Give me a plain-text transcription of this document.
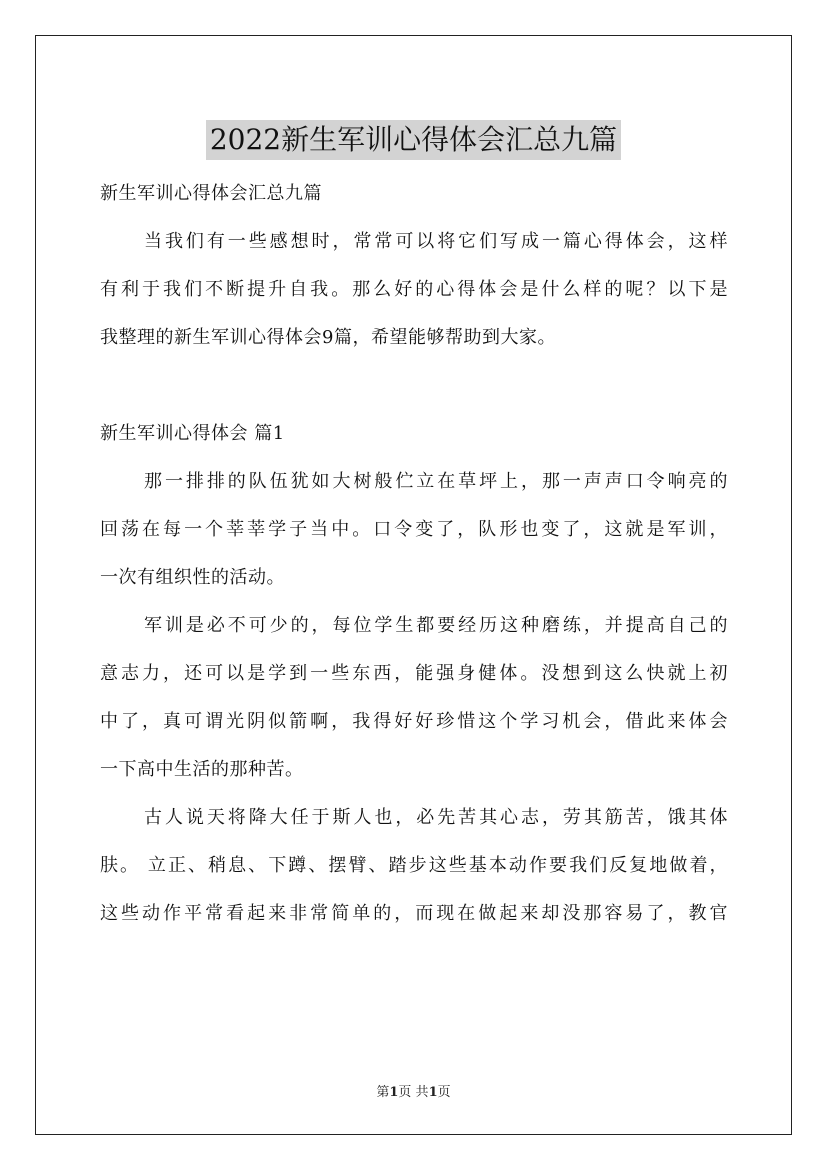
2022新生军训心得体会汇总九篇

新生军训心得体会汇总九篇

当我们有一些感想时，常常可以将它们写成一篇心得体会，这样

有利于我们不断提升自我。那么好的心得体会是什么样的呢？以下是

我整理的新生军训心得体会9篇，希望能够帮助到大家。

新生军训心得体会 篇1

那一排排的队伍犹如大树般伫立在草坪上，那一声声口令响亮的

回荡在每一个莘莘学子当中。口令变了，队形也变了，这就是军训，

一次有组织性的活动。

军训是必不可少的，每位学生都要经历这种磨练，并提高自己的

意志力，还可以是学到一些东西，能强身健体。没想到这么快就上初

中了，真可谓光阴似箭啊，我得好好珍惜这个学习机会，借此来体会

一下高中生活的那种苦。

古人说天将降大任于斯人也，必先苦其心志，劳其筋苦，饿其体

肤。 立正、稍息、下蹲、摆臂、踏步这些基本动作要我们反复地做着，

这些动作平常看起来非常简单的，而现在做起来却没那容易了，教官

第1页 共1页
